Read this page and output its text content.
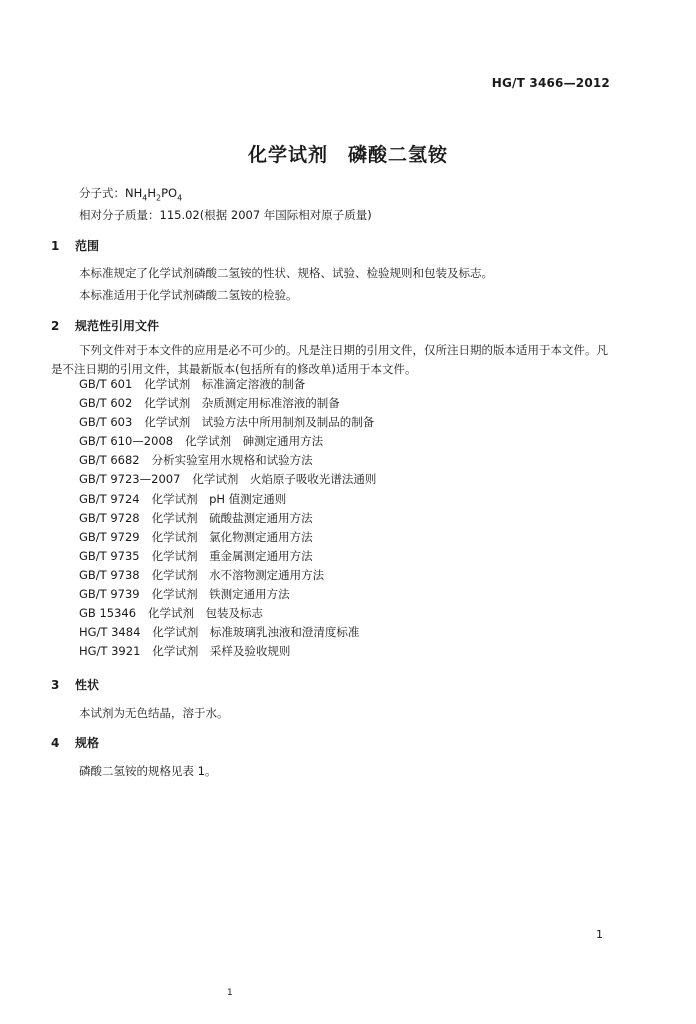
HG/T 3466—2012
化学试剂　磷酸二氢铵
分子式：$NH_4H_2PO_4$
相对分子质量：115.02(根据 2007 年国际相对原子质量)
1 范围
本标准规定了化学试剂磷酸二氢铵的性状、规格、试验、检验规则和包装及标志。
本标准适用于化学试剂磷酸二氢铵的检验。
2 规范性引用文件
下列文件对于本文件的应用是必不可少的。凡是注日期的引用文件，仅所注日期的版本适用于本文件。凡是不注日期的引用文件，其最新版本(包括所有的修改单)适用于本文件。
GB/T 601 化学试剂　标准滴定溶液的制备
GB/T 602 化学试剂　杂质测定用标准溶液的制备
GB/T 603 化学试剂　试验方法中所用制剂及制品的制备
GB/T 610—2008 化学试剂　砷测定通用方法
GB/T 6682 分析实验室用水规格和试验方法
GB/T 9723—2007 化学试剂　火焰原子吸收光谱法通则
GB/T 9724 化学试剂　pH 值测定通则
GB/T 9728 化学试剂　硫酸盐测定通用方法
GB/T 9729 化学试剂　氯化物测定通用方法
GB/T 9735 化学试剂　重金属测定通用方法
GB/T 9738 化学试剂　水不溶物测定通用方法
GB/T 9739 化学试剂　铁测定通用方法
GB 15346 化学试剂　包装及标志
HG/T 3484 化学试剂　标准玻璃乳浊液和澄清度标准
HG/T 3921 化学试剂　采样及验收规则
3 性状
本试剂为无色结晶，溶于水。
4 规格
磷酸二氢铵的规格见表 1。
1
1
